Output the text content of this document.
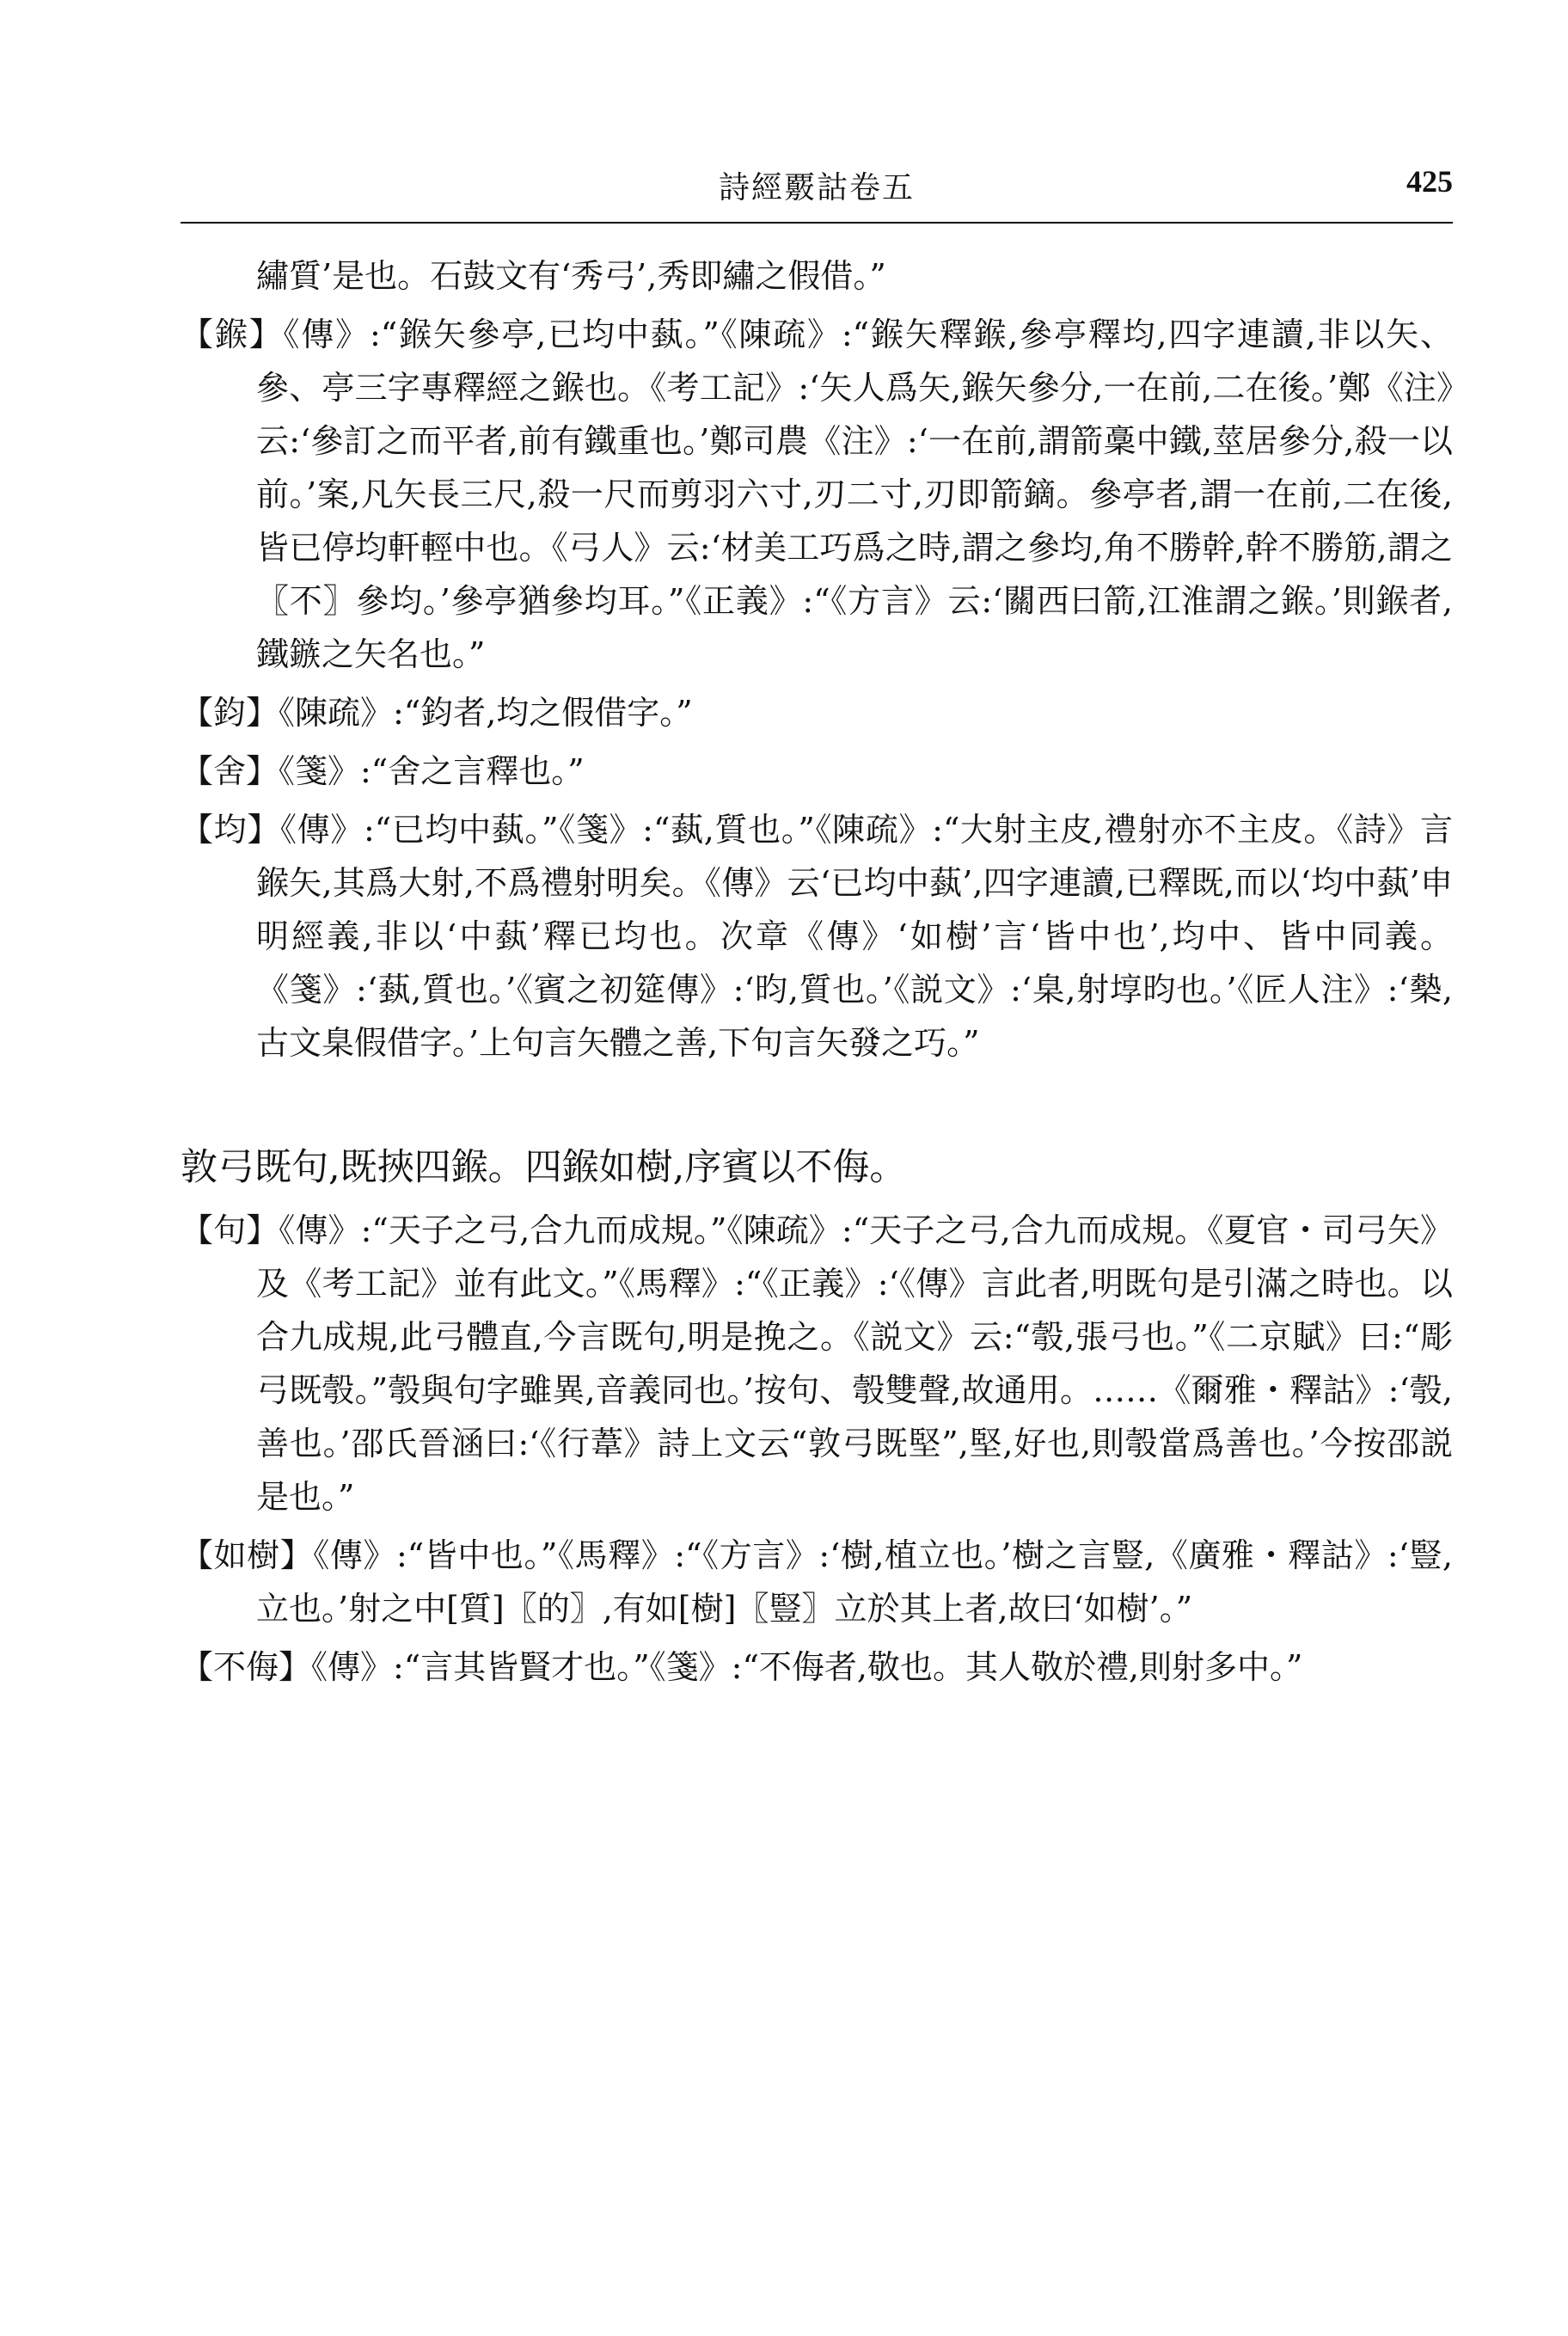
詩經覈詁卷五	425

繡質’是也。石鼓文有‘秀弓’,秀即繡之假借。”

【鍭】《傳》:“鍭矢參亭,已均中蓺。”《陳疏》:“鍭矢釋鍭,參亭釋均,四字連讀,非以矢、參、亭三字專釋經之鍭也。《考工記》:‘矢人爲矢,鍭矢參分,一在前,二在後。’鄭《注》云:‘參訂之而平者,前有鐵重也。’鄭司農《注》:‘一在前,謂箭稾中鐵,莖居參分,殺一以前。’案,凡矢長三尺,殺一尺而剪羽六寸,刃二寸,刃即箭鏑。參亭者,謂一在前,二在後,皆已停均軒輕中也。《弓人》云:‘材美工巧爲之時,謂之參均,角不勝幹,幹不勝筋,謂之〖不〗參均。’參亭猶參均耳。”《正義》:“《方言》云:‘關西曰箭,江淮謂之鍭。’則鍭者,鐵鏃之矢名也。”

【鈞】《陳疏》:“鈞者,均之假借字。”

【舍】《箋》:“舍之言釋也。”

【均】《傳》:“已均中蓺。”《箋》:“蓺,質也。”《陳疏》:“大射主皮,禮射亦不主皮。《詩》言鍭矢,其爲大射,不爲禮射明矣。《傳》云‘已均中蓺’,四字連讀,已釋既,而以‘均中蓺’申明經義,非以‘中蓺’釋已均也。次章《傳》‘如樹’言‘皆中也’,均中、皆中同義。《箋》:‘蓺,質也。’《賓之初筵傳》:‘昀,質也。’《説文》:‘臬,射埻昀也。’《匠人注》:‘槷,古文臬假借字。’上句言矢體之善,下句言矢發之巧。”

敦弓既句,既挾四鍭。四鍭如樹,序賓以不侮。

【句】《傳》:“天子之弓,合九而成規。”《陳疏》:“天子之弓,合九而成規。《夏官・司弓矢》及《考工記》並有此文。”《馬釋》:“《正義》:‘《傳》言此者,明既句是引滿之時也。以合九成規,此弓體直,今言既句,明是挽之。《説文》云:“彀,張弓也。”《二京賦》曰:“彫弓既彀。”彀與句字雖異,音義同也。’按句、彀雙聲,故通用。……《爾雅・釋詁》:‘彀,善也。’邵氏晉涵曰:‘《行葦》詩上文云“敦弓既堅”,堅,好也,則彀當爲善也。’今按邵説是也。”

【如樹】《傳》:“皆中也。”《馬釋》:“《方言》:‘樹,植立也。’樹之言豎,《廣雅・釋詁》:‘豎,立也。’射之中[質]〖的〗,有如[樹]〖豎〗立於其上者,故曰‘如樹’。”

【不侮】《傳》:“言其皆賢才也。”《箋》:“不侮者,敬也。其人敬於禮,則射多中。”
